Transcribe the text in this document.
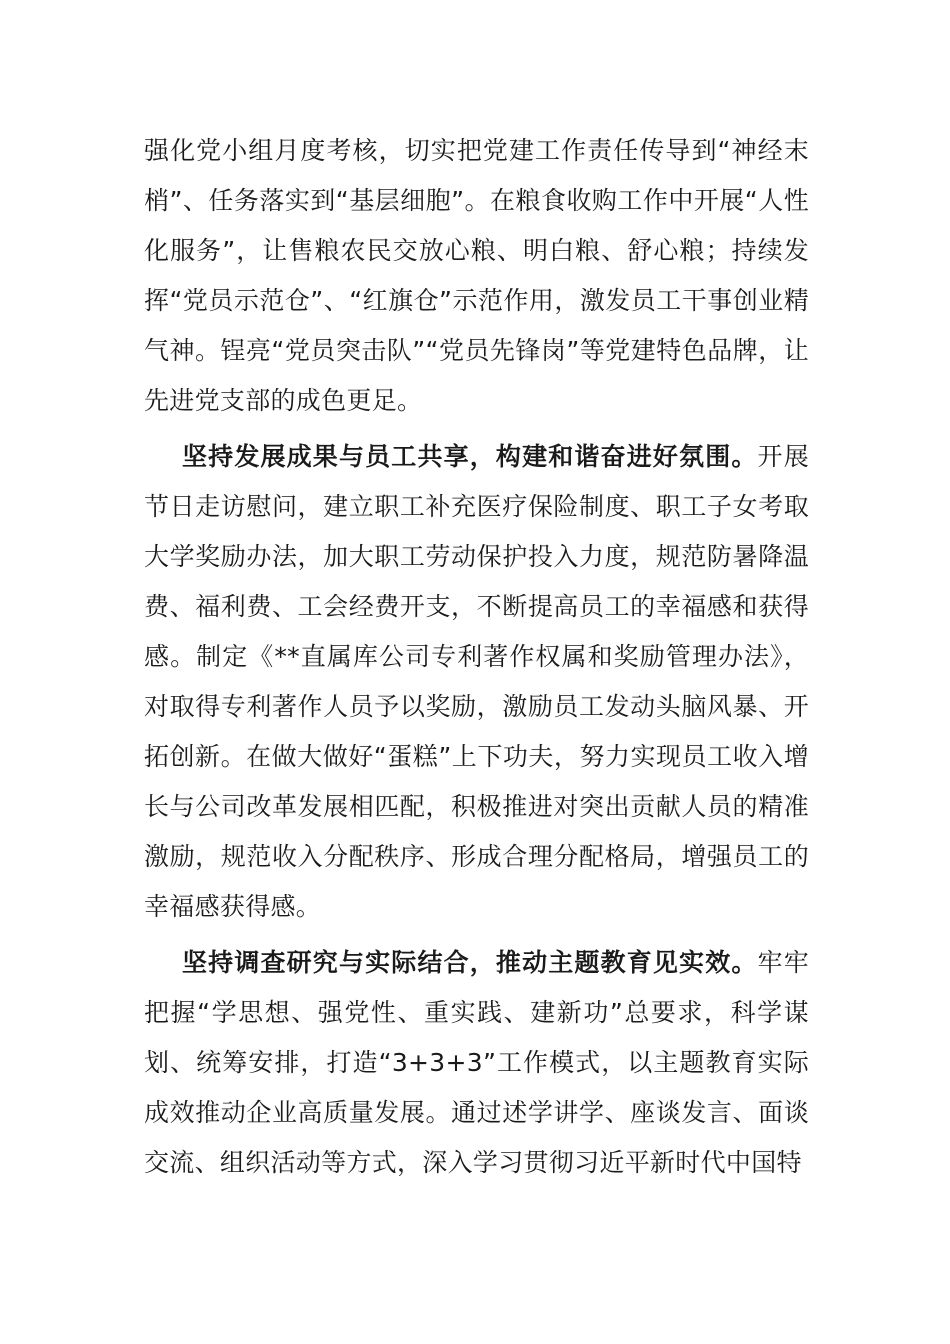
强化党小组月度考核，切实把党建工作责任传导到“神经末梢”、任务落实到“基层细胞”。在粮食收购工作中开展“人性化服务”，让售粮农民交放心粮、明白粮、舒心粮；持续发挥“党员示范仓”、“红旗仓”示范作用，激发员工干事创业精气神。锃亮“党员突击队”“党员先锋岗”等党建特色品牌，让先进党支部的成色更足。

坚持发展成果与员工共享，构建和谐奋进好氛围。开展节日走访慰问，建立职工补充医疗保险制度、职工子女考取大学奖励办法，加大职工劳动保护投入力度，规范防暑降温费、福利费、工会经费开支，不断提高员工的幸福感和获得感。制定《**直属库公司专利著作权属和奖励管理办法》，对取得专利著作人员予以奖励，激励员工发动头脑风暴、开拓创新。在做大做好“蛋糕”上下功夫，努力实现员工收入增长与公司改革发展相匹配，积极推进对突出贡献人员的精准激励，规范收入分配秩序、形成合理分配格局，增强员工的幸福感获得感。

坚持调查研究与实际结合，推动主题教育见实效。牢牢把握“学思想、强党性、重实践、建新功”总要求，科学谋划、统筹安排，打造“3+3+3”工作模式，以主题教育实际成效推动企业高质量发展。通过述学讲学、座谈发言、面谈交流、组织活动等方式，深入学习贯彻习近平新时代中国特
